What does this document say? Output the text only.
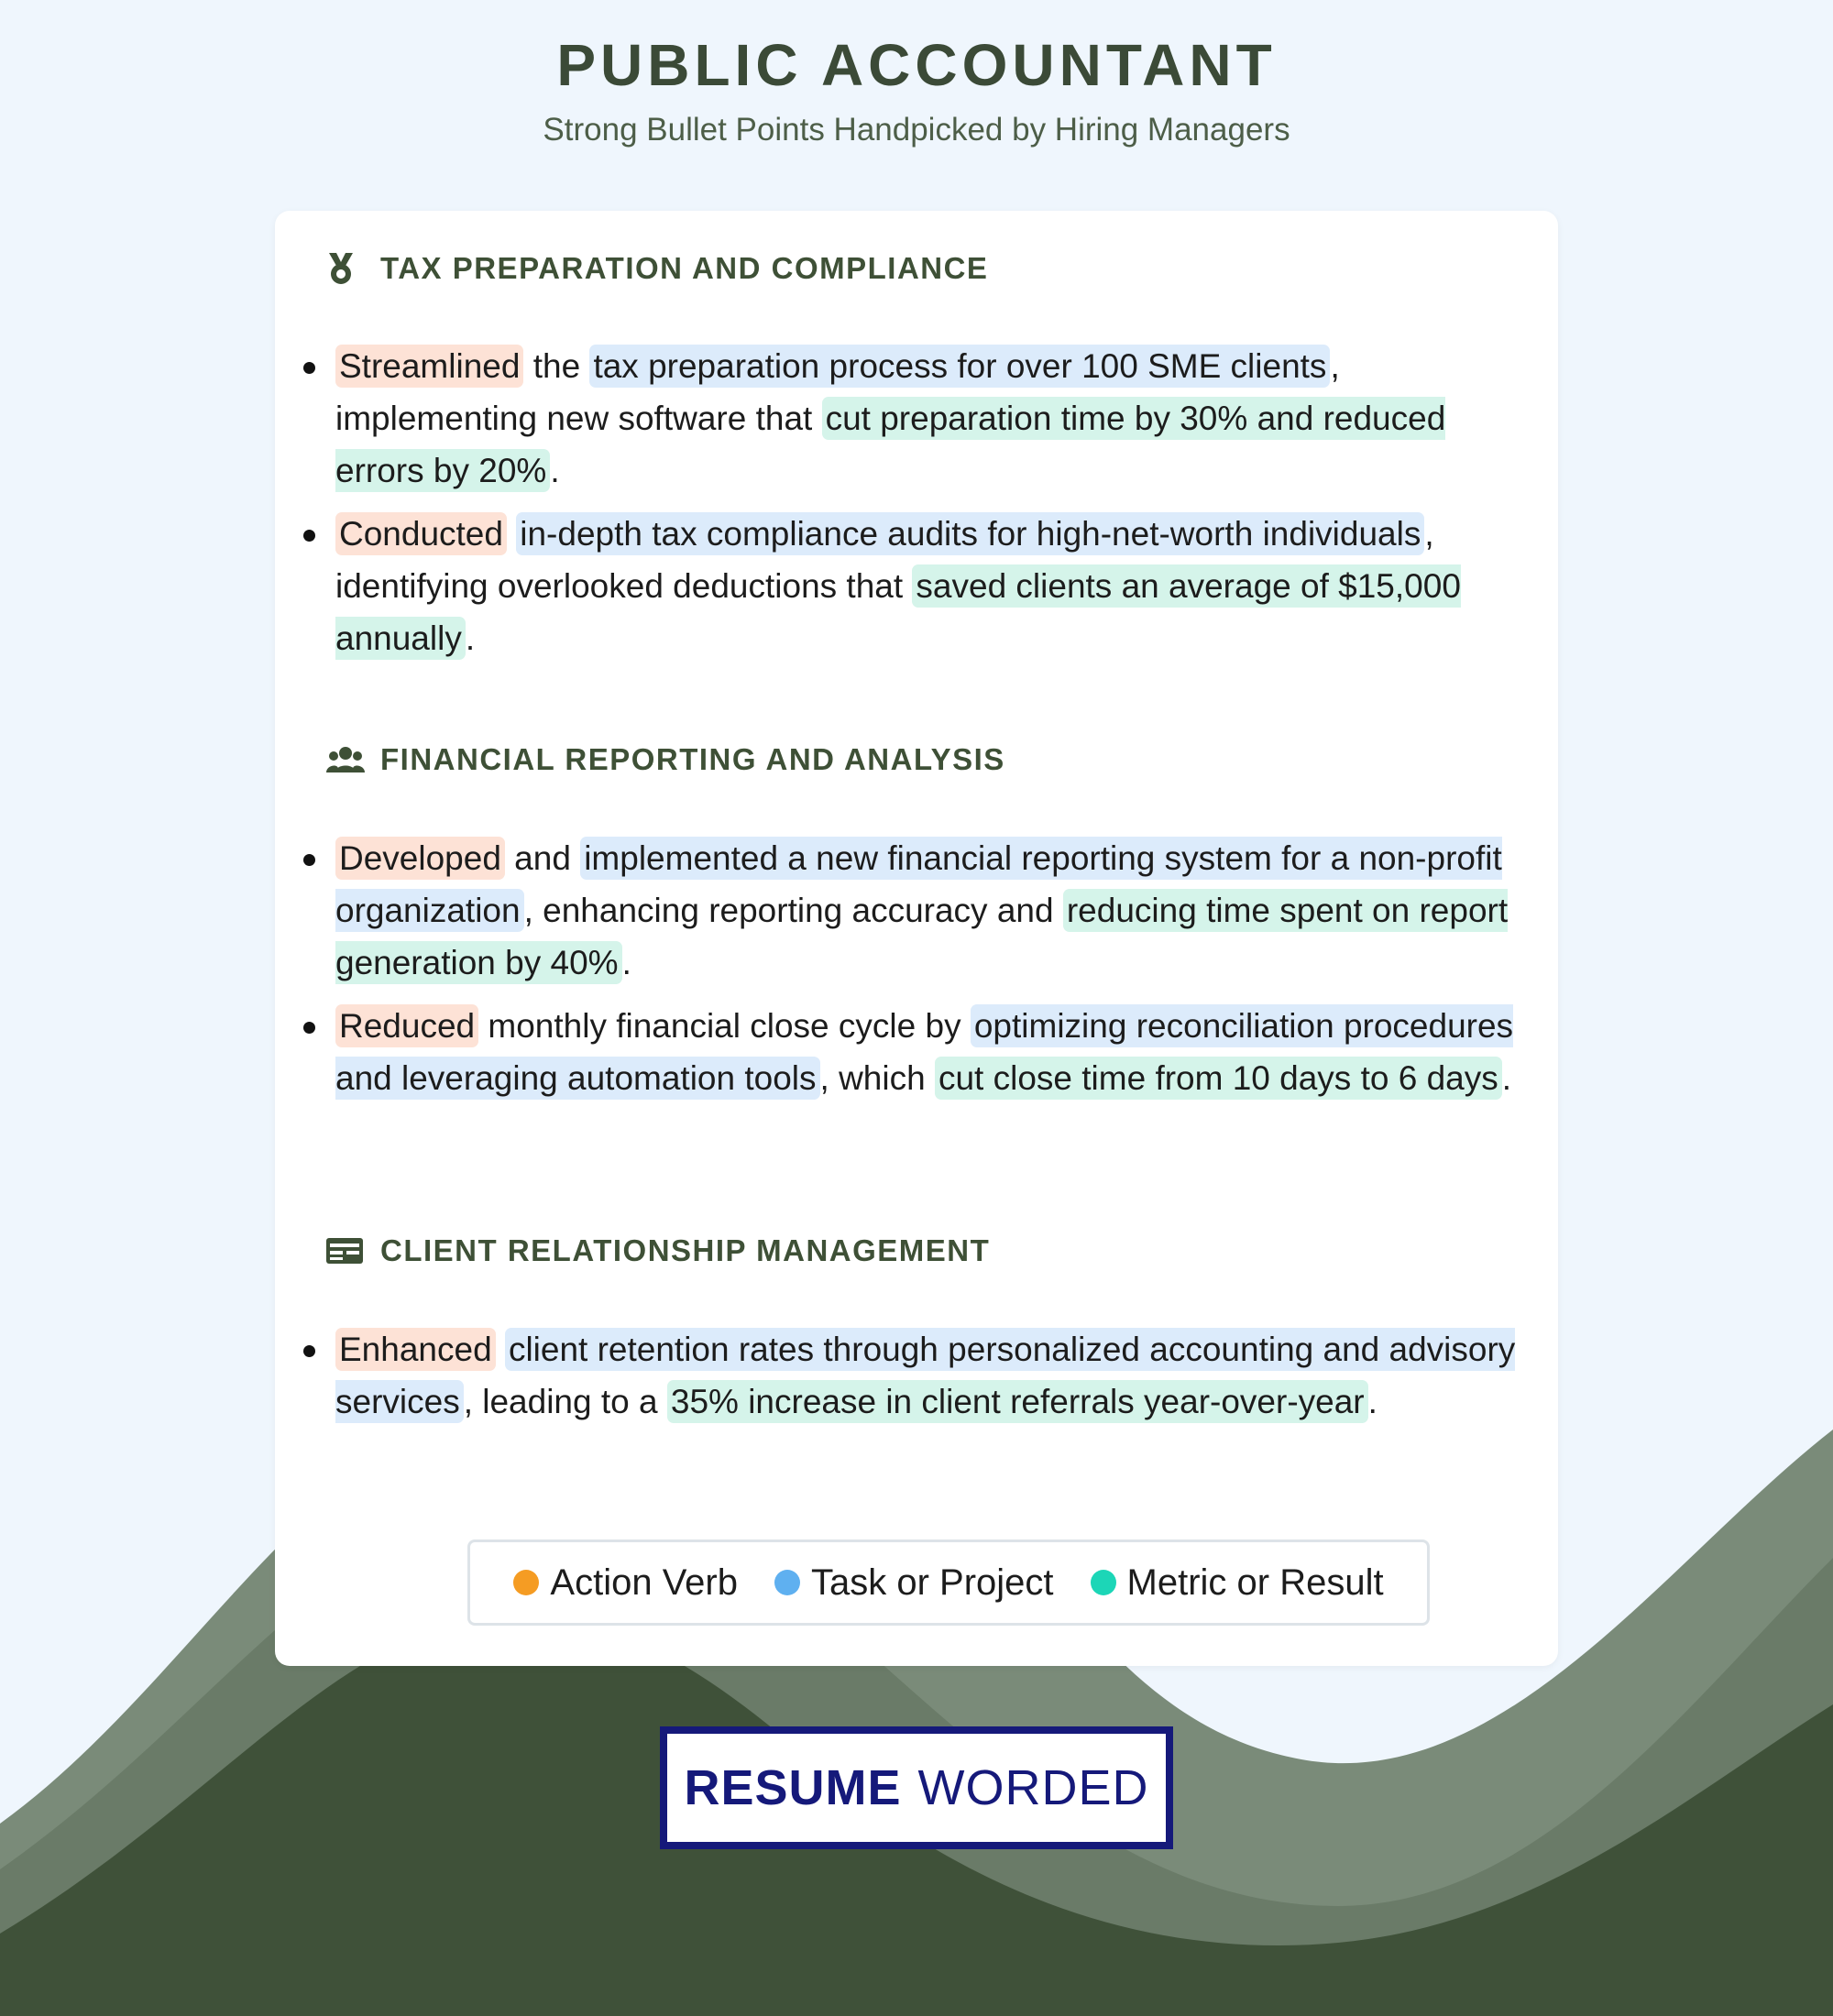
PUBLIC ACCOUNTANT
Strong Bullet Points Handpicked by Hiring Managers
TAX PREPARATION AND COMPLIANCE
Streamlined the tax preparation process for over 100 SME clients , implementing new software that cut preparation time by 30% and reduced errors by 20% .
Conducted in-depth tax compliance audits for high-net-worth individuals , identifying overlooked deductions that saved clients an average of $15,000 annually .
FINANCIAL REPORTING AND ANALYSIS
Developed and implemented a new financial reporting system for a non-profit organization , enhancing reporting accuracy and reducing time spent on report generation by 40% .
Reduced monthly financial close cycle by optimizing reconciliation procedures and leveraging automation tools , which cut close time from 10 days to 6 days .
CLIENT RELATIONSHIP MANAGEMENT
Enhanced client retention rates through personalized accounting and advisory services , leading to a 35% increase in client referrals year-over-year .
Action Verb Task or Project Metric or Result
RESUME WORDED
